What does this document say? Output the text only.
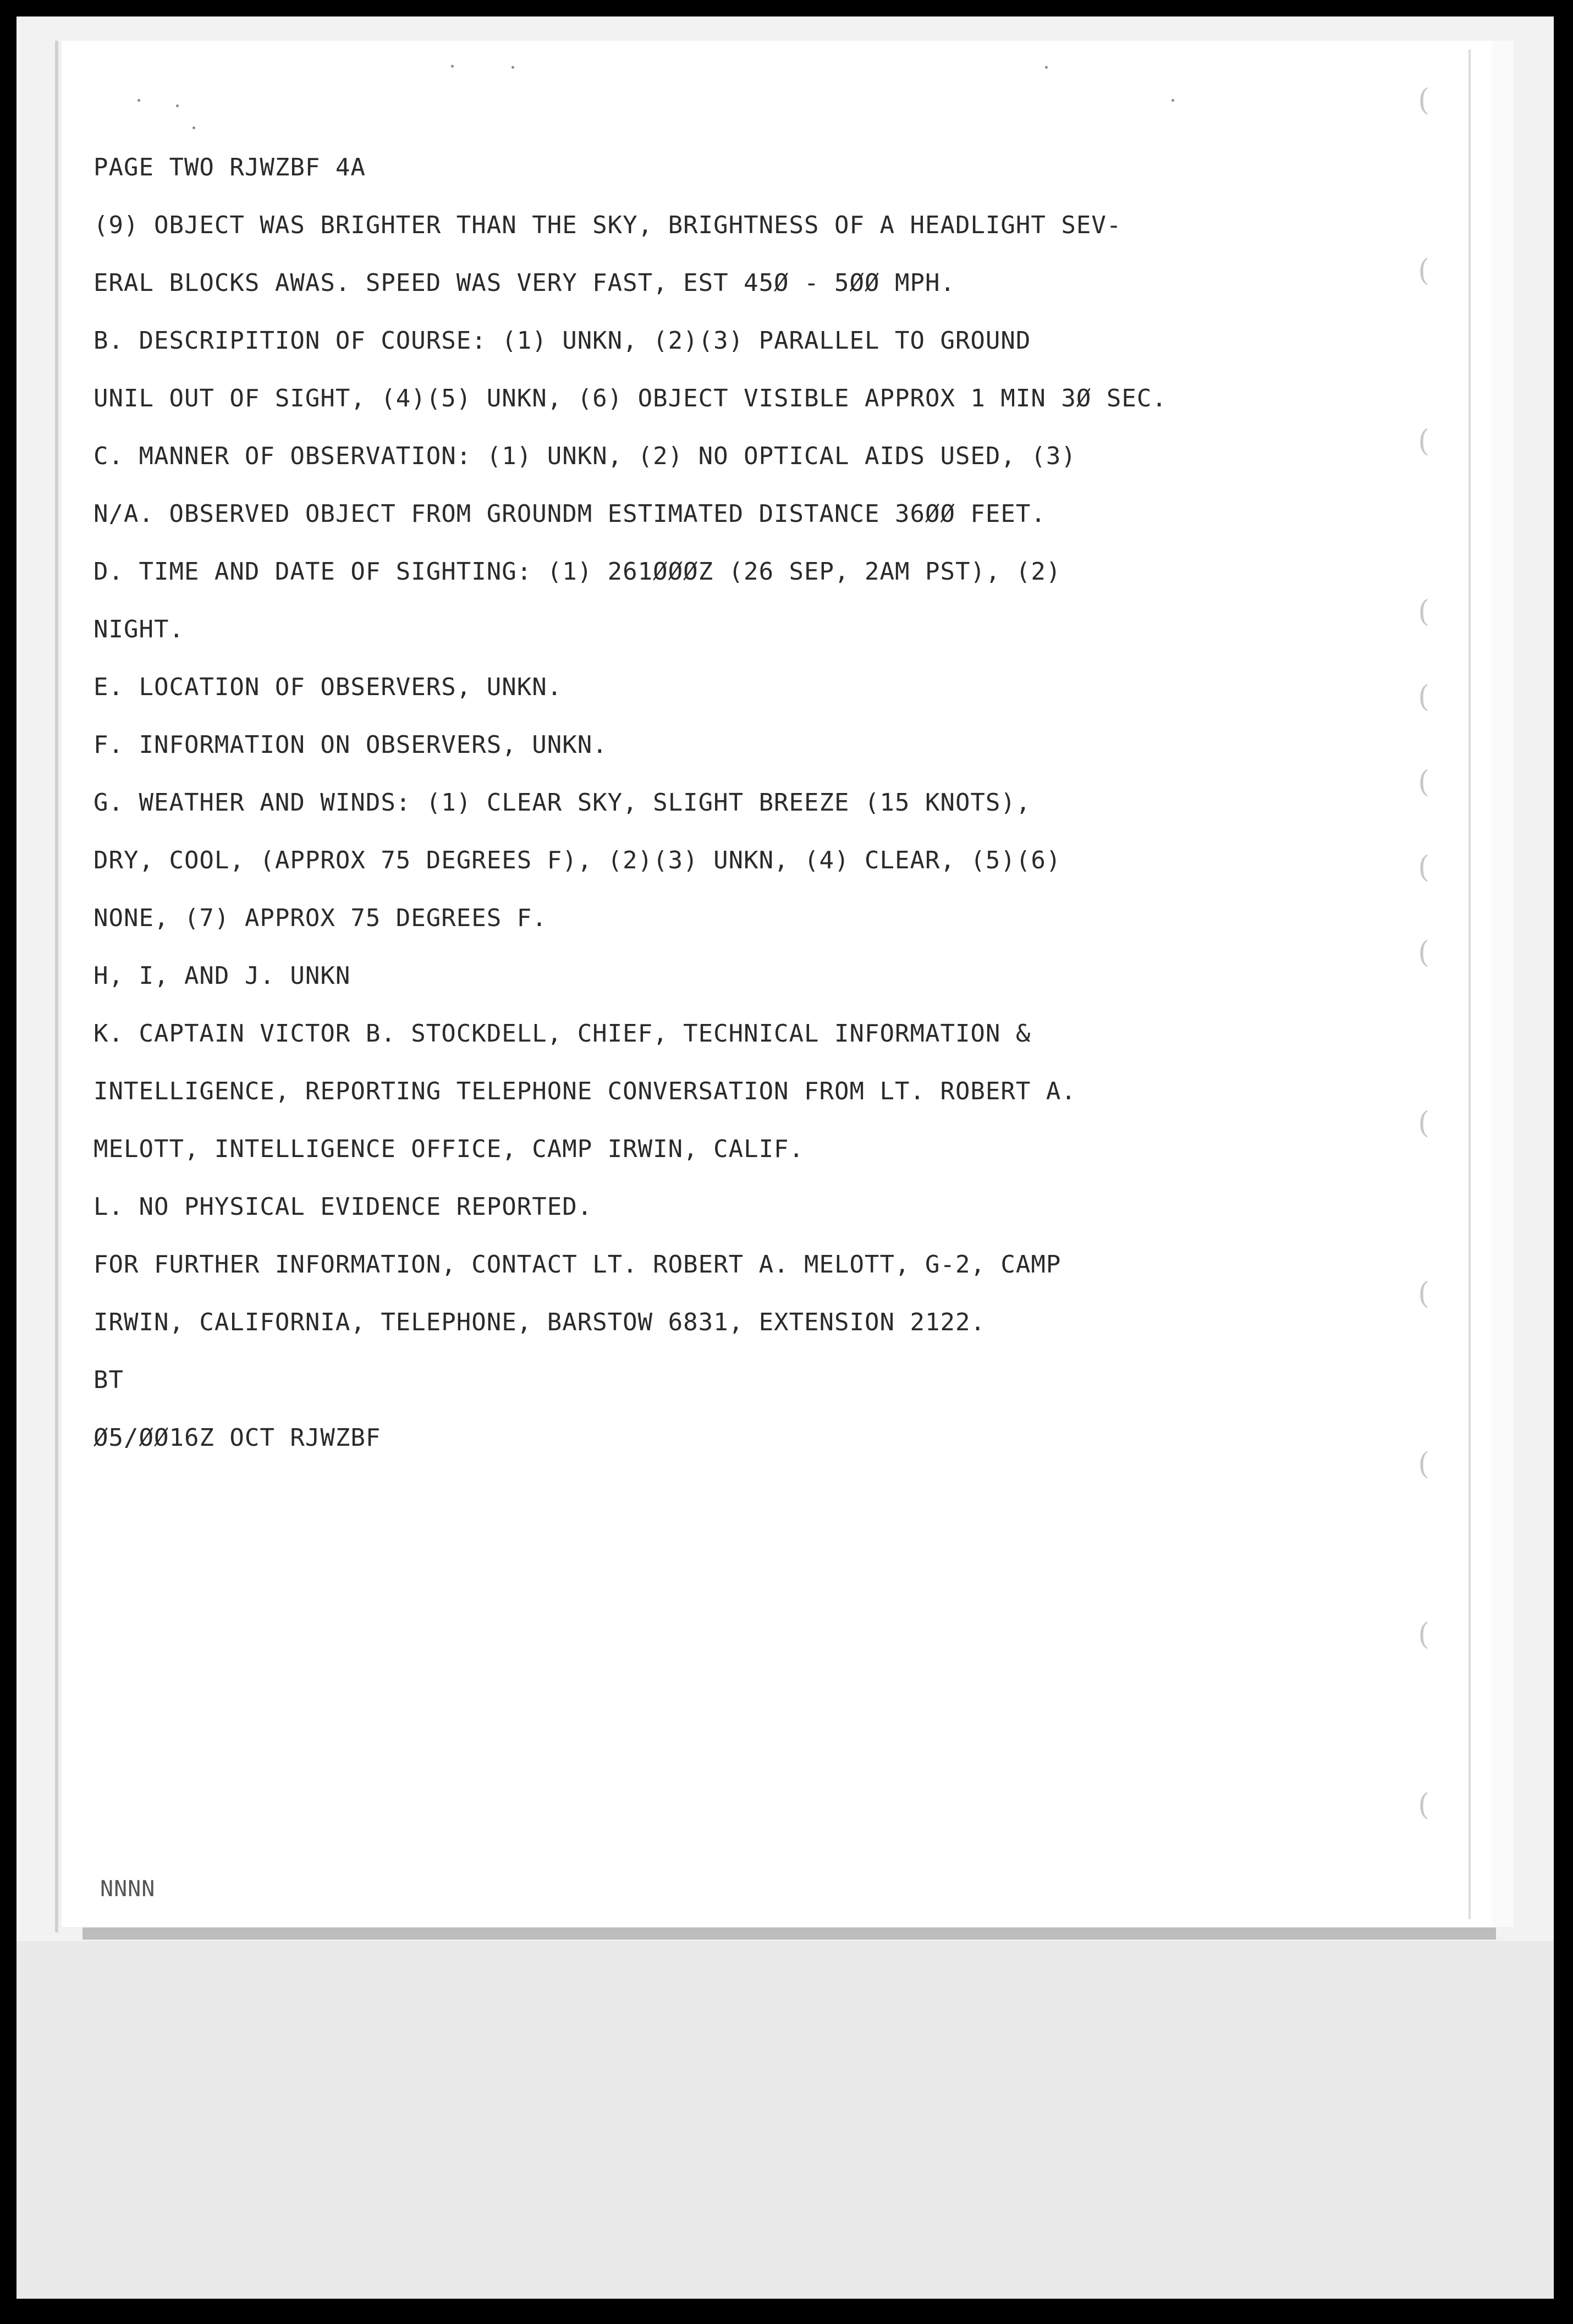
(
(
(
(
(
(
(
(
(
(
(
(
(
PAGE TWO RJWZBF 4A
(9) OBJECT WAS BRIGHTER THAN THE SKY, BRIGHTNESS OF A HEADLIGHT SEV-
ERAL BLOCKS AWAS. SPEED WAS VERY FAST, EST 45Ø - 5ØØ MPH.
B. DESCRIPITION OF COURSE: (1) UNKN, (2)(3) PARALLEL TO GROUND
UNIL OUT OF SIGHT, (4)(5) UNKN, (6) OBJECT VISIBLE APPROX 1 MIN 3Ø SEC.
C. MANNER OF OBSERVATION: (1) UNKN, (2) NO OPTICAL AIDS USED, (3)
N/A. OBSERVED OBJECT FROM GROUNDM ESTIMATED DISTANCE 36ØØ FEET.
D. TIME AND DATE OF SIGHTING: (1) 261ØØØZ (26 SEP, 2AM PST), (2)
NIGHT.
E. LOCATION OF OBSERVERS, UNKN.
F. INFORMATION ON OBSERVERS, UNKN.
G. WEATHER AND WINDS: (1) CLEAR SKY, SLIGHT BREEZE (15 KNOTS),
DRY, COOL, (APPROX 75 DEGREES F), (2)(3) UNKN, (4) CLEAR, (5)(6)
NONE, (7) APPROX 75 DEGREES F.
H, I, AND J. UNKN
K. CAPTAIN VICTOR B. STOCKDELL, CHIEF, TECHNICAL INFORMATION &
INTELLIGENCE, REPORTING TELEPHONE CONVERSATION FROM LT. ROBERT A.
MELOTT, INTELLIGENCE OFFICE, CAMP IRWIN, CALIF.
L. NO PHYSICAL EVIDENCE REPORTED.
FOR FURTHER INFORMATION, CONTACT LT. ROBERT A. MELOTT, G-2, CAMP
IRWIN, CALIFORNIA, TELEPHONE, BARSTOW 6831, EXTENSION 2122.
BT
Ø5/ØØ16Z OCT RJWZBF
NNNN
